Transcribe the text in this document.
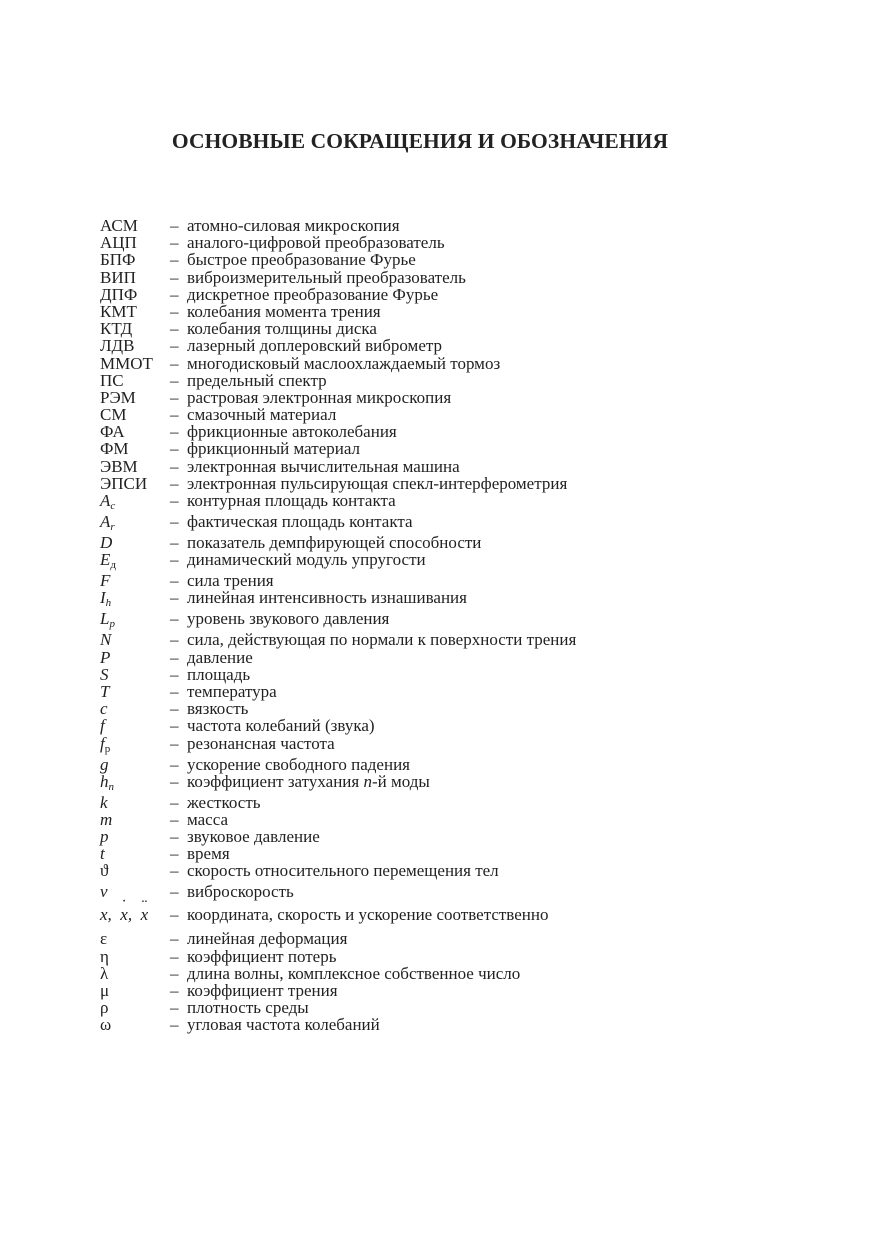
ОСНОВНЫЕ СОКРАЩЕНИЯ И ОБОЗНАЧЕНИЯ
АСМ	– атомно-силовая микроскопия
АЦП	– аналого-цифровой преобразователь
БПФ	– быстрое преобразование Фурье
ВИП	– виброизмерительный преобразователь
ДПФ	– дискретное преобразование Фурье
КМТ	– колебания момента трения
КТД	– колебания толщины диска
ЛДВ	– лазерный доплеровский виброметр
ММОТ	– многодисковый маслоохлаждаемый тормоз
ПС	– предельный спектр
РЭМ	– растровая электронная микроскопия
СМ	– смазочный материал
ФА	– фрикционные автоколебания
ФМ	– фрикционный материал
ЭВМ	– электронная вычислительная машина
ЭПСИ	– электронная пульсирующая спекл-интерферометрия
$A_c$	– контурная площадь контакта
$A_r$	– фактическая площадь контакта
D	– показатель демпфирующей способности
$E_д$	– динамический модуль упругости
F	– сила трения
$I_h$	– линейная интенсивность изнашивания
$L_p$	– уровень звукового давления
N	– сила, действующая по нормали к поверхности трения
P	– давление
S	– площадь
T	– температура
c	– вязкость
f	– частота колебаний (звука)
$f_р$	– резонансная частота
g	– ускорение свободного падения
$h_n$	– коэффициент затухания n-й моды
k	– жесткость
m	– масса
p	– звуковое давление
t	– время
ϑ	– скорость относительного перемещения тел
v	– виброскорость
x,  ˙ x,  ¨ x	– координата, скорость и ускорение соответственно
ε	– линейная деформация
η	– коэффициент потерь
λ	– длина волны, комплексное собственное число
μ	– коэффициент трения
ρ	– плотность среды
ω	– угловая частота колебаний
